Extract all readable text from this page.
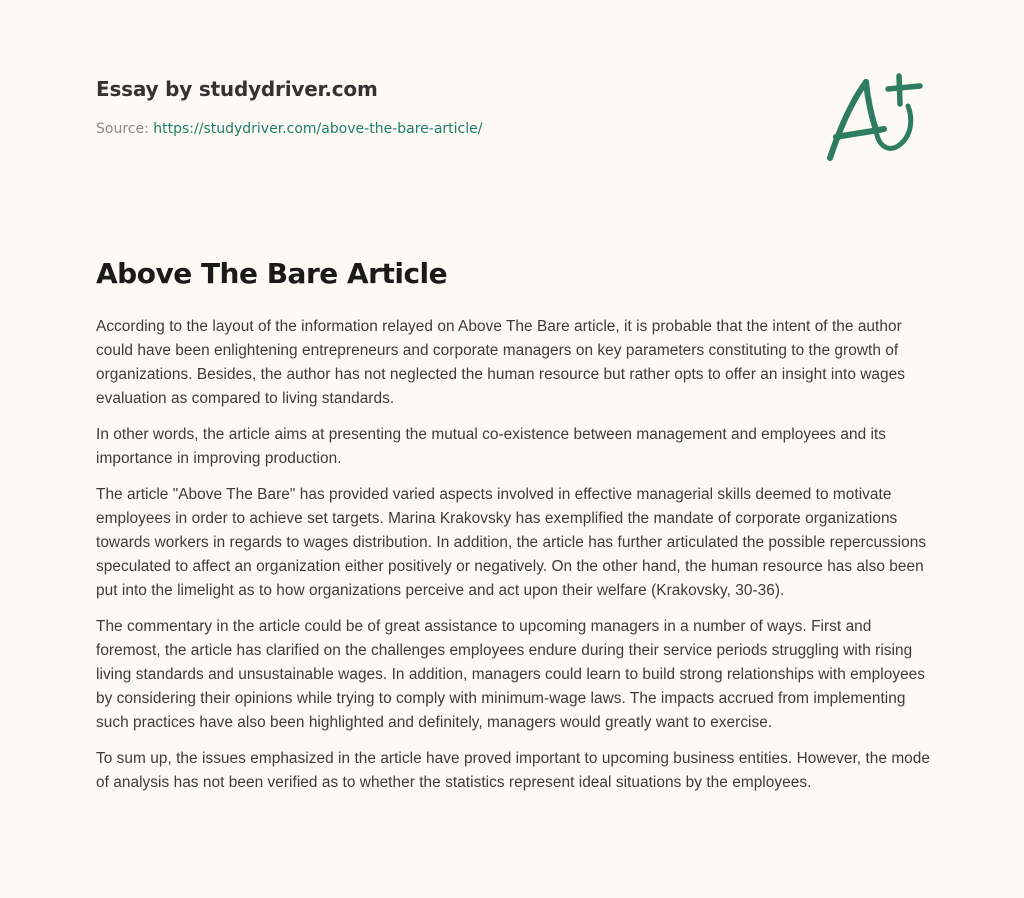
Essay by studydriver.com
Source: https://studydriver.com/above-the-bare-article/
Above The Bare Article

According to the layout of the information relayed on Above The Bare article, it is probable that the intent of the author could have been enlightening entrepreneurs and corporate managers on key parameters constituting to the growth of organizations. Besides, the author has not neglected the human resource but rather opts to offer an insight into wages evaluation as compared to living standards.

In other words, the article aims at presenting the mutual co-existence between management and employees and its importance in improving production.

The article "Above The Bare" has provided varied aspects involved in effective managerial skills deemed to motivate employees in order to achieve set targets. Marina Krakovsky has exemplified the mandate of corporate organizations towards workers in regards to wages distribution. In addition, the article has further articulated the possible repercussions speculated to affect an organization either positively or negatively. On the other hand, the human resource has also been put into the limelight as to how organizations perceive and act upon their welfare (Krakovsky, 30-36).

The commentary in the article could be of great assistance to upcoming managers in a number of ways. First and foremost, the article has clarified on the challenges employees endure during their service periods struggling with rising living standards and unsustainable wages. In addition, managers could learn to build strong relationships with employees by considering their opinions while trying to comply with minimum-wage laws. The impacts accrued from implementing such practices have also been highlighted and definitely, managers would greatly want to exercise.

To sum up, the issues emphasized in the article have proved important to upcoming business entities. However, the mode of analysis has not been verified as to whether the statistics represent ideal situations by the employees.
